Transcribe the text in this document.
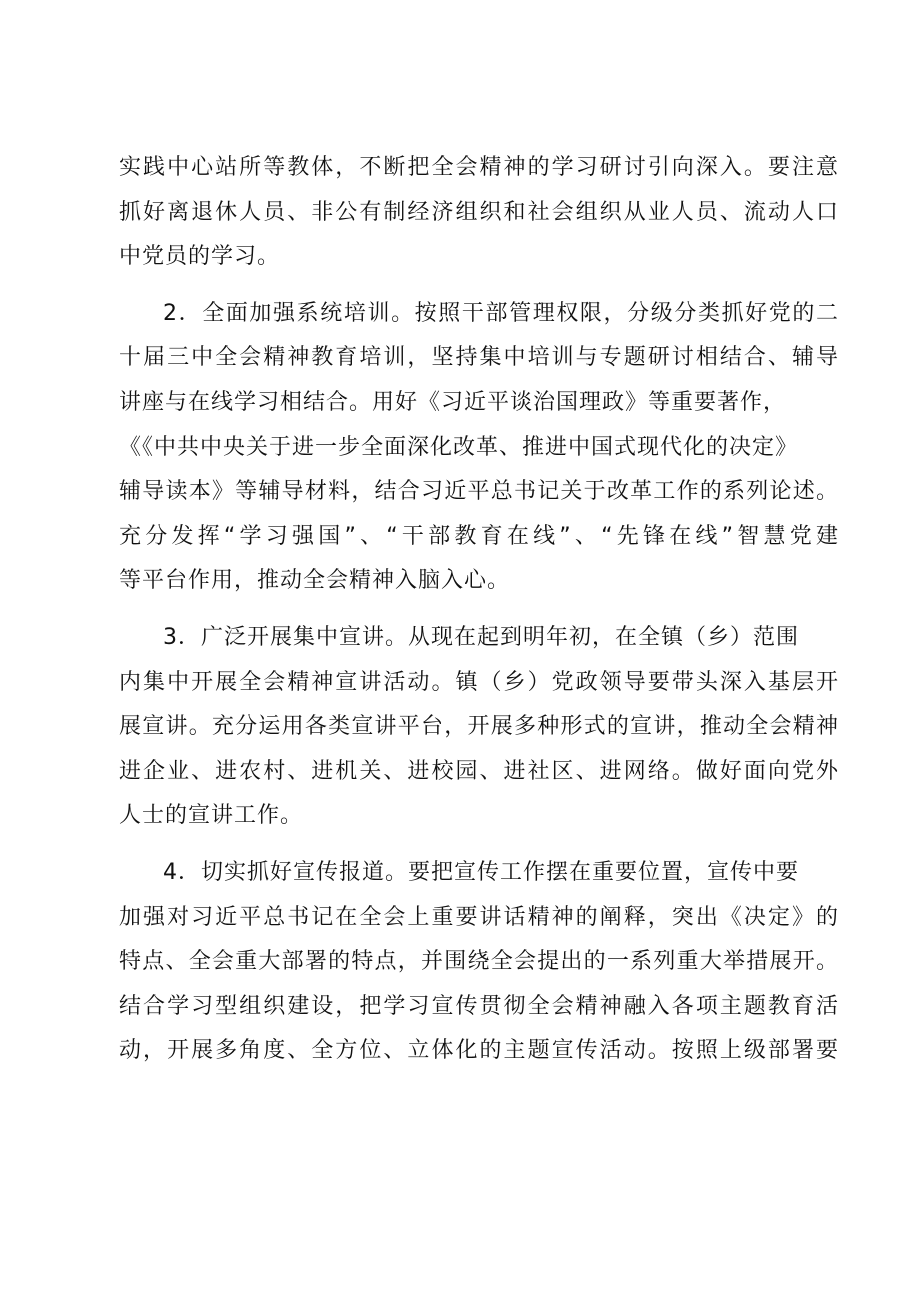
实践中心站所等教体，不断把全会精神的学习研讨引向深入。要注意
抓好离退休人员、非公有制经济组织和社会组织从业人员、流动人口
中党员的学习。
2．全面加强系统培训。按照干部管理权限，分级分类抓好党的二
十届三中全会精神教育培训，坚持集中培训与专题研讨相结合、辅导
讲座与在线学习相结合。用好《习近平谈治国理政》等重要著作，
《《中共中央关于进一步全面深化改革、推进中国式现代化的决定》
辅导读本》等辅导材料，结合习近平总书记关于改革工作的系列论述。
充分发挥“学习强国”、“干部教育在线”、“先锋在线”智慧党建
等平台作用，推动全会精神入脑入心。
3．广泛开展集中宣讲。从现在起到明年初，在全镇（乡）范围
内集中开展全会精神宣讲活动。镇（乡）党政领导要带头深入基层开
展宣讲。充分运用各类宣讲平台，开展多种形式的宣讲，推动全会精神
进企业、进农村、进机关、进校园、进社区、进网络。做好面向党外
人士的宣讲工作。
4．切实抓好宣传报道。要把宣传工作摆在重要位置，宣传中要
加强对习近平总书记在全会上重要讲话精神的阐释，突出《决定》的
特点、全会重大部署的特点，并围绕全会提出的一系列重大举措展开。
结合学习型组织建设，把学习宣传贯彻全会精神融入各项主题教育活
动，开展多角度、全方位、立体化的主题宣传活动。按照上级部署要
